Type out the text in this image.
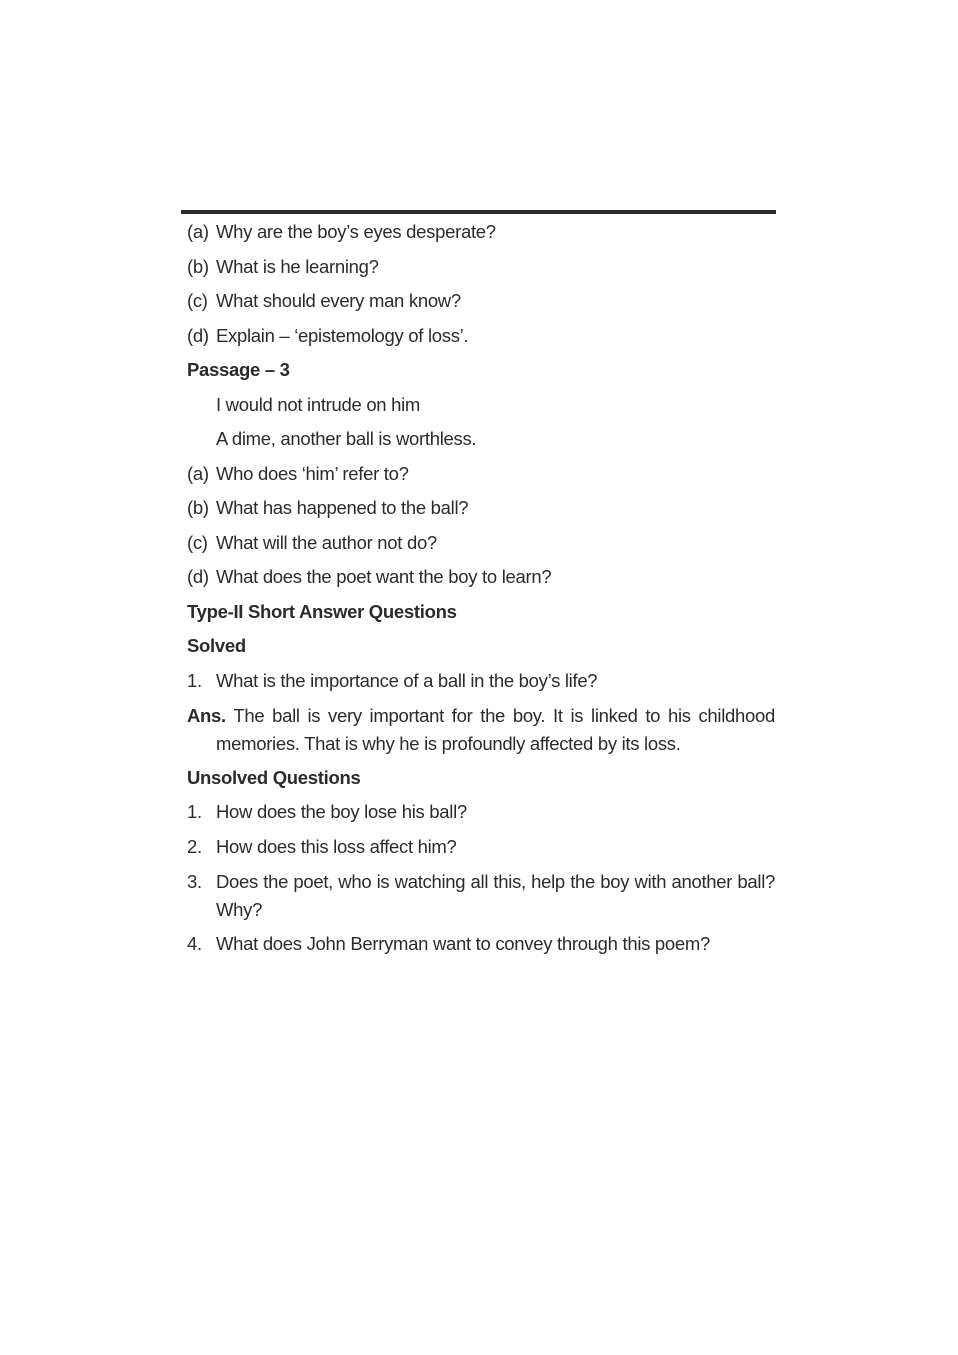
(a) Why are the boy’s eyes desperate?
(b) What is he learning?
(c) What should every man know?
(d) Explain – ‘epistemology of loss’.
Passage – 3
I would not intrude on him
A dime, another ball is worthless.
(a) Who does ‘him’ refer to?
(b) What has happened to the ball?
(c) What will the author not do?
(d) What does the poet want the boy to learn?
Type-II Short Answer Questions
Solved
1. What is the importance of a ball in the boy’s life?
Ans. The ball is very important for the boy. It is linked to his childhood memories. That is why he is profoundly affected by its loss.
Unsolved Questions
1. How does the boy lose his ball?
2. How does this loss affect him?
3. Does the poet, who is watching all this, help the boy with another ball? Why?
4. What does John Berryman want to convey through this poem?
